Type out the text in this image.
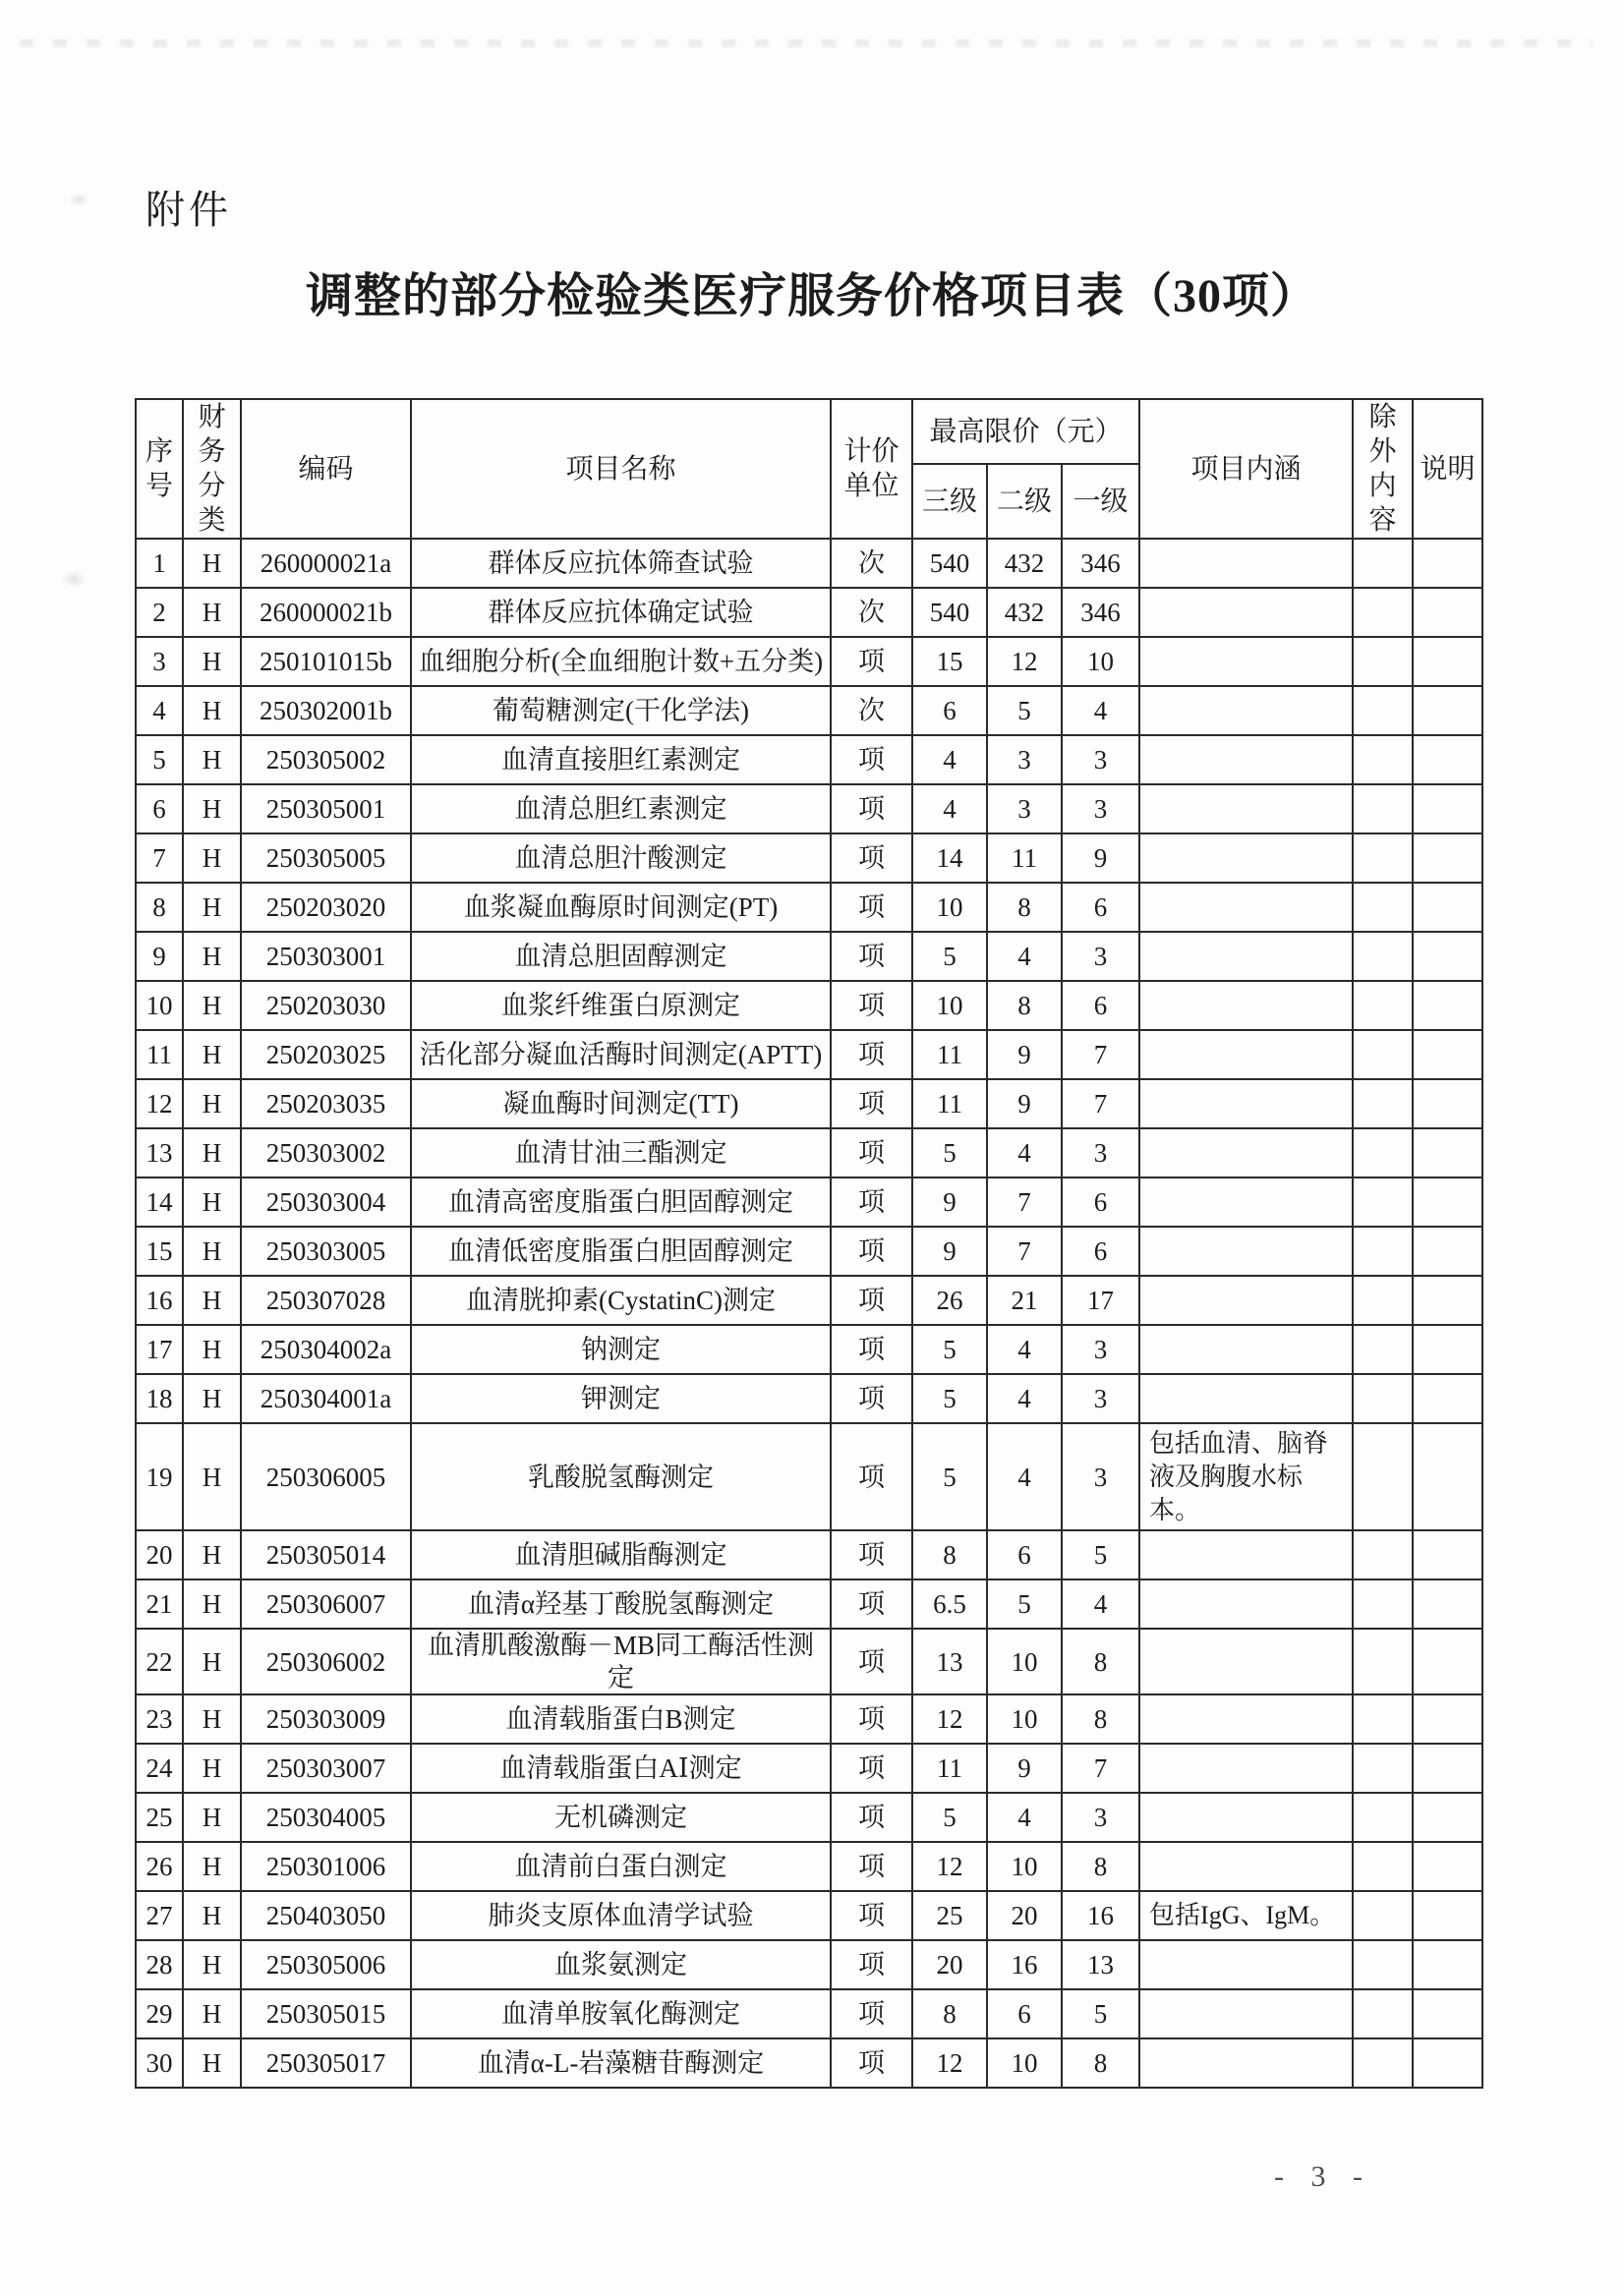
附件
调整的部分检验类医疗服务价格项目表（30项）
序号	财务分类	编码	项目名称	计价单位	最高限价（元）			项目内涵	除外内容	说明
					三级	二级	一级			
1	H	260000021a	群体反应抗体筛查试验	次	540	432	346			
2	H	260000021b	群体反应抗体确定试验	次	540	432	346			
3	H	250101015b	血细胞分析(全血细胞计数+五分类)	项	15	12	10			
4	H	250302001b	葡萄糖测定(干化学法)	次	6	5	4			
5	H	250305002	血清直接胆红素测定	项	4	3	3			
6	H	250305001	血清总胆红素测定	项	4	3	3			
7	H	250305005	血清总胆汁酸测定	项	14	11	9			
8	H	250203020	血浆凝血酶原时间测定(PT)	项	10	8	6			
9	H	250303001	血清总胆固醇测定	项	5	4	3			
10	H	250203030	血浆纤维蛋白原测定	项	10	8	6			
11	H	250203025	活化部分凝血活酶时间测定(APTT)	项	11	9	7			
12	H	250203035	凝血酶时间测定(TT)	项	11	9	7			
13	H	250303002	血清甘油三酯测定	项	5	4	3			
14	H	250303004	血清高密度脂蛋白胆固醇测定	项	9	7	6			
15	H	250303005	血清低密度脂蛋白胆固醇测定	项	9	7	6			
16	H	250307028	血清胱抑素(CystatinC)测定	项	26	21	17			
17	H	250304002a	钠测定	项	5	4	3			
18	H	250304001a	钾测定	项	5	4	3			
19	H	250306005	乳酸脱氢酶测定	项	5	4	3	包括血清、脑脊液及胸腹水标本。		
20	H	250305014	血清胆碱脂酶测定	项	8	6	5			
21	H	250306007	血清α羟基丁酸脱氢酶测定	项	6.5	5	4			
22	H	250306002	血清肌酸激酶－MB同工酶活性测定	项	13	10	8			
23	H	250303009	血清载脂蛋白B测定	项	12	10	8			
24	H	250303007	血清载脂蛋白AⅠ测定	项	11	9	7			
25	H	250304005	无机磷测定	项	5	4	3			
26	H	250301006	血清前白蛋白测定	项	12	10	8			
27	H	250403050	肺炎支原体血清学试验	项	25	20	16	包括IgG、IgM。		
28	H	250305006	血浆氨测定	项	20	16	13			
29	H	250305015	血清单胺氧化酶测定	项	8	6	5			
30	H	250305017	血清α-L-岩藻糖苷酶测定	项	12	10	8			
- 3 -
